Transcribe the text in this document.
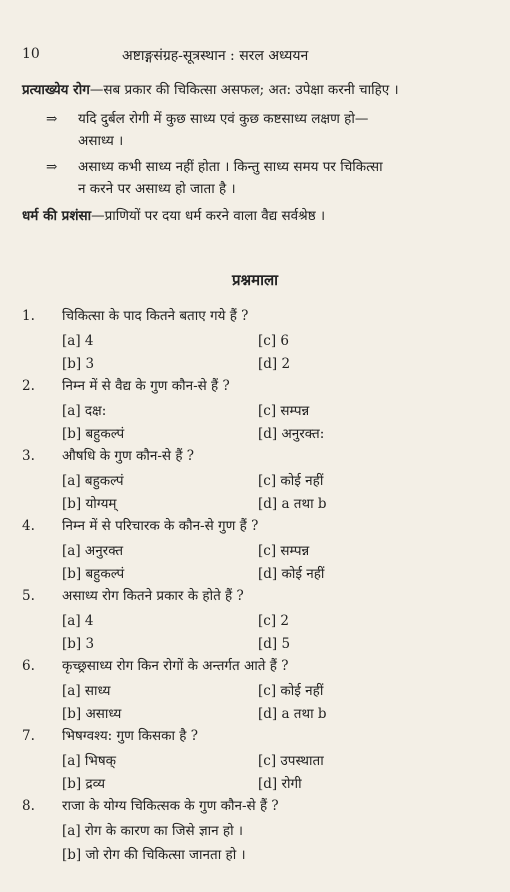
10	अष्टाङ्गसंग्रह-सूत्रस्थान : सरल अध्ययन
प्रत्याख्येय रोग—सब प्रकार की चिकित्सा असफल; अत: उपेक्षा करनी चाहिए ।
⇒ यदि दुर्बल रोगी में कुछ साध्य एवं कुछ कष्टसाध्य लक्षण हो—
असाध्य ।
⇒ असाध्य कभी साध्य नहीं होता । किन्तु साध्य समय पर चिकित्सा
न करने पर असाध्य हो जाता है ।
धर्म की प्रशंसा—प्राणियों पर दया धर्म करने वाला वैद्य सर्वश्रेष्ठ ।
प्रश्नमाला
1. चिकित्सा के पाद कितने बताए गये हैं ?
[a] 4	[c] 6
[b] 3	[d] 2
2. निम्न में से वैद्य के गुण कौन-से हैं ?
[a] दक्ष:	[c] सम्पन्न
[b] बहुकल्पं	[d] अनुरक्त:
3. औषधि के गुण कौन-से हैं ?
[a] बहुकल्पं	[c] कोई नहीं
[b] योग्यम्	[d] a तथा b
4. निम्न में से परिचारक के कौन-से गुण हैं ?
[a] अनुरक्त	[c] सम्पन्न
[b] बहुकल्पं	[d] कोई नहीं
5. असाध्य रोग कितने प्रकार के होते हैं ?
[a] 4	[c] 2
[b] 3	[d] 5
6. कृच्छ्रसाध्य रोग किन रोगों के अन्तर्गत आते हैं ?
[a] साध्य	[c] कोई नहीं
[b] असाध्य	[d] a तथा b
7. भिषग्वश्य: गुण किसका है ?
[a] भिषक्	[c] उपस्थाता
[b] द्रव्य	[d] रोगी
8. राजा के योग्य चिकित्सक के गुण कौन-से हैं ?
[a] रोग के कारण का जिसे ज्ञान हो ।
[b] जो रोग की चिकित्सा जानता हो ।
